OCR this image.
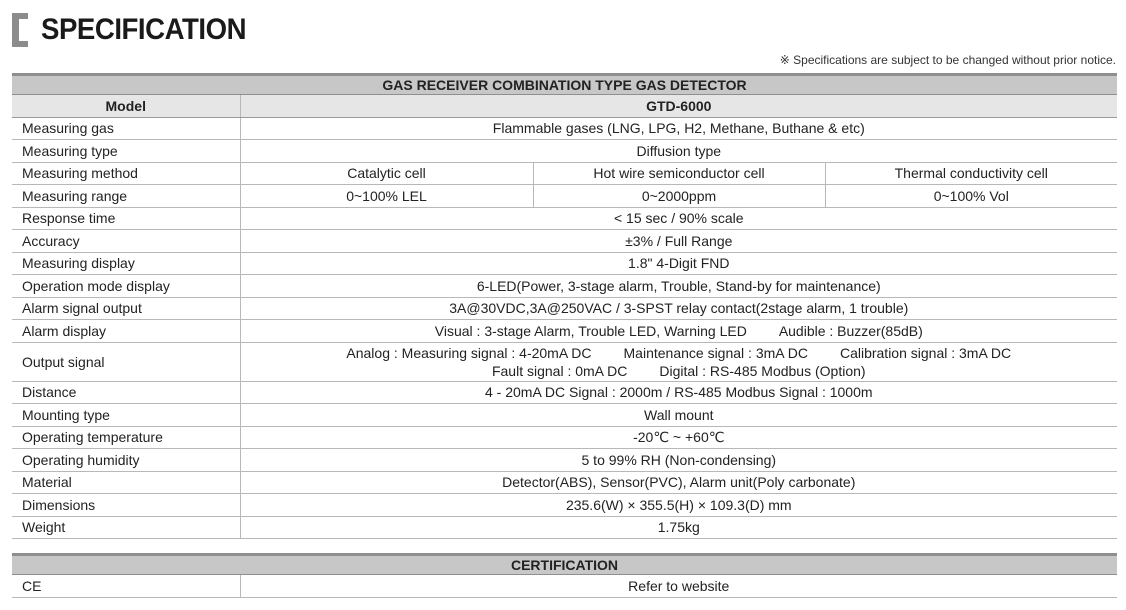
SPECIFICATION
※ Specifications are subject to be changed without prior notice.
GAS RECEIVER COMBINATION TYPE GAS DETECTOR			
Model	GTD-6000		
Measuring gas	Flammable gases (LNG, LPG, H2, Methane, Buthane & etc)		
Measuring type	Diffusion type		
Measuring method	Catalytic cell	Hot wire semiconductor cell	Thermal conductivity cell
Measuring range	0~100% LEL	0~2000ppm	0~100% Vol
Response time	< 15 sec / 90% scale		
Accuracy	±3% / Full Range		
Measuring display	1.8" 4-Digit FND		
Operation mode display	6-LED(Power, 3-stage alarm, Trouble, Stand-by for maintenance)		
Alarm signal output	3A@30VDC,3A@250VAC / 3-SPST relay contact(2stage alarm, 1 trouble)		
Alarm display	Visual : 3-stage Alarm, Trouble LED, Warning LED Audible : Buzzer(85dB)		
Output signal	Analog : Measuring signal : 4-20mA DC Maintenance signal : 3mA DC Calibration signal : 3mA DC
Fault signal : 0mA DC Digital : RS-485 Modbus (Option)		

Distance	4 - 20mA DC Signal : 2000m / RS-485 Modbus Signal : 1000m		
Mounting type	Wall mount		
Operating temperature	-20℃ ~ +60℃		
Operating humidity	5 to 99% RH (Non-condensing)		
Material	Detector(ABS), Sensor(PVC), Alarm unit(Poly carbonate)		
Dimensions	235.6(W) × 355.5(H) × 109.3(D) mm		
Weight	1.75kg		
CERTIFICATION
CE	Refer to website
